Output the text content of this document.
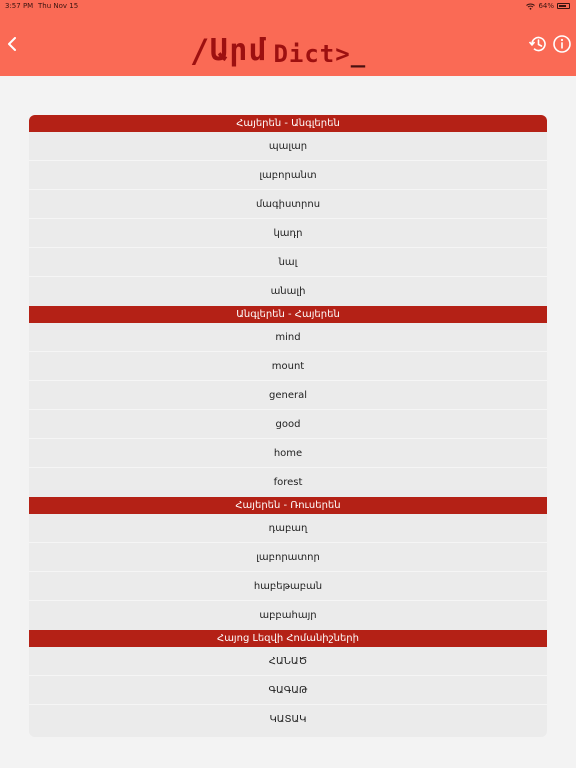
3:57 PM Thu Nov 15	64%
/ Արմ Dict> _
Հայերեն - Անգլերեն
պալար
լաբորանտ
մագիստրոս
կադր
նալ
անալի
Անգլերեն - Հայերեն
mind
mount
general
good
home
forest
Հայերեն - Ռուսերեն
դաբաղ
լաբորատոր
հաբեթաբան
աբբահայր
Հայոց Լեզվի Հոմանիշների
ՀԱՆԱԾ
ԳԱԳԱԹ
ԿԱՏԱԿ
